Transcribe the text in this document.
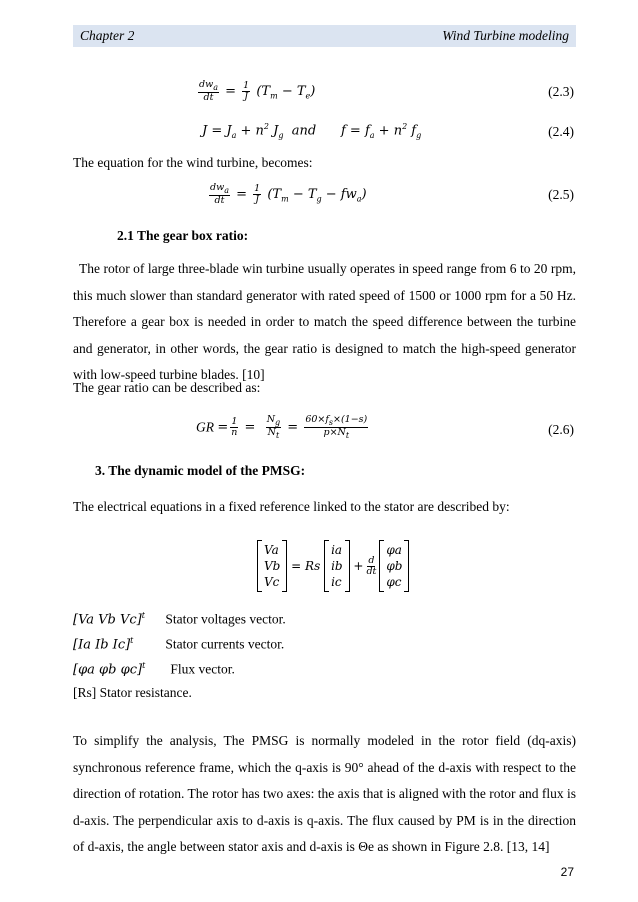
Chapter 2	Wind Turbine modeling
$\frac{dw_a}{dt} = \frac{1}{J} (T_m - T_e)$	(2.3)
$J = J_a + n^2$ $J_g$ and      $f = f_a + n^2$ $f_g$	(2.4)
The equation for the wind turbine, becomes:
$\frac{dw_a}{dt} = \frac{1}{J} (T_m - T_g - fw_a)$	(2.5)
2.1 The gear box ratio:
The rotor of large three-blade win turbine usually operates in speed range from 6 to 20 rpm, this much slower than standard generator with rated speed of 1500 or 1000 rpm for a 50 Hz. Therefore a gear box is needed in order to match the speed difference between the turbine and generator, in other words, the gear ratio is designed to match the high-speed generator with low-speed turbine blades. [10]
The gear ratio can be described as:
GR = $\frac{1}{n} = \frac{N_g}{N_t} = \frac{60\times f_s\times(1-s)}{p\times N_t}$	(2.6)
3. The dynamic model of the PMSG:
The electrical equations in a fixed reference linked to the stator are described by:
Va
Vb
Vc
= Rs
ia
ib
ic
+ $\frac{d}{dt}$
φa
φb
φc
[Va Vb Vc]$^t$ Stator voltages vector.
[Ia Ib Ic]$^t$ Stator currents vector.
[φa φb φc]$^t$ Flux vector.
[Rs] Stator resistance.
To simplify the analysis, The PMSG is normally modeled in the rotor field (dq-axis) synchronous reference frame, which the q-axis is 90° ahead of the d-axis with respect to the direction of rotation. The rotor has two axes: the axis that is aligned with the rotor and flux is d-axis. The perpendicular axis to d-axis is q-axis. The flux caused by PM is in the direction of d-axis, the angle between stator axis and d-axis is Θe as shown in Figure 2.8. [13, 14]
27
